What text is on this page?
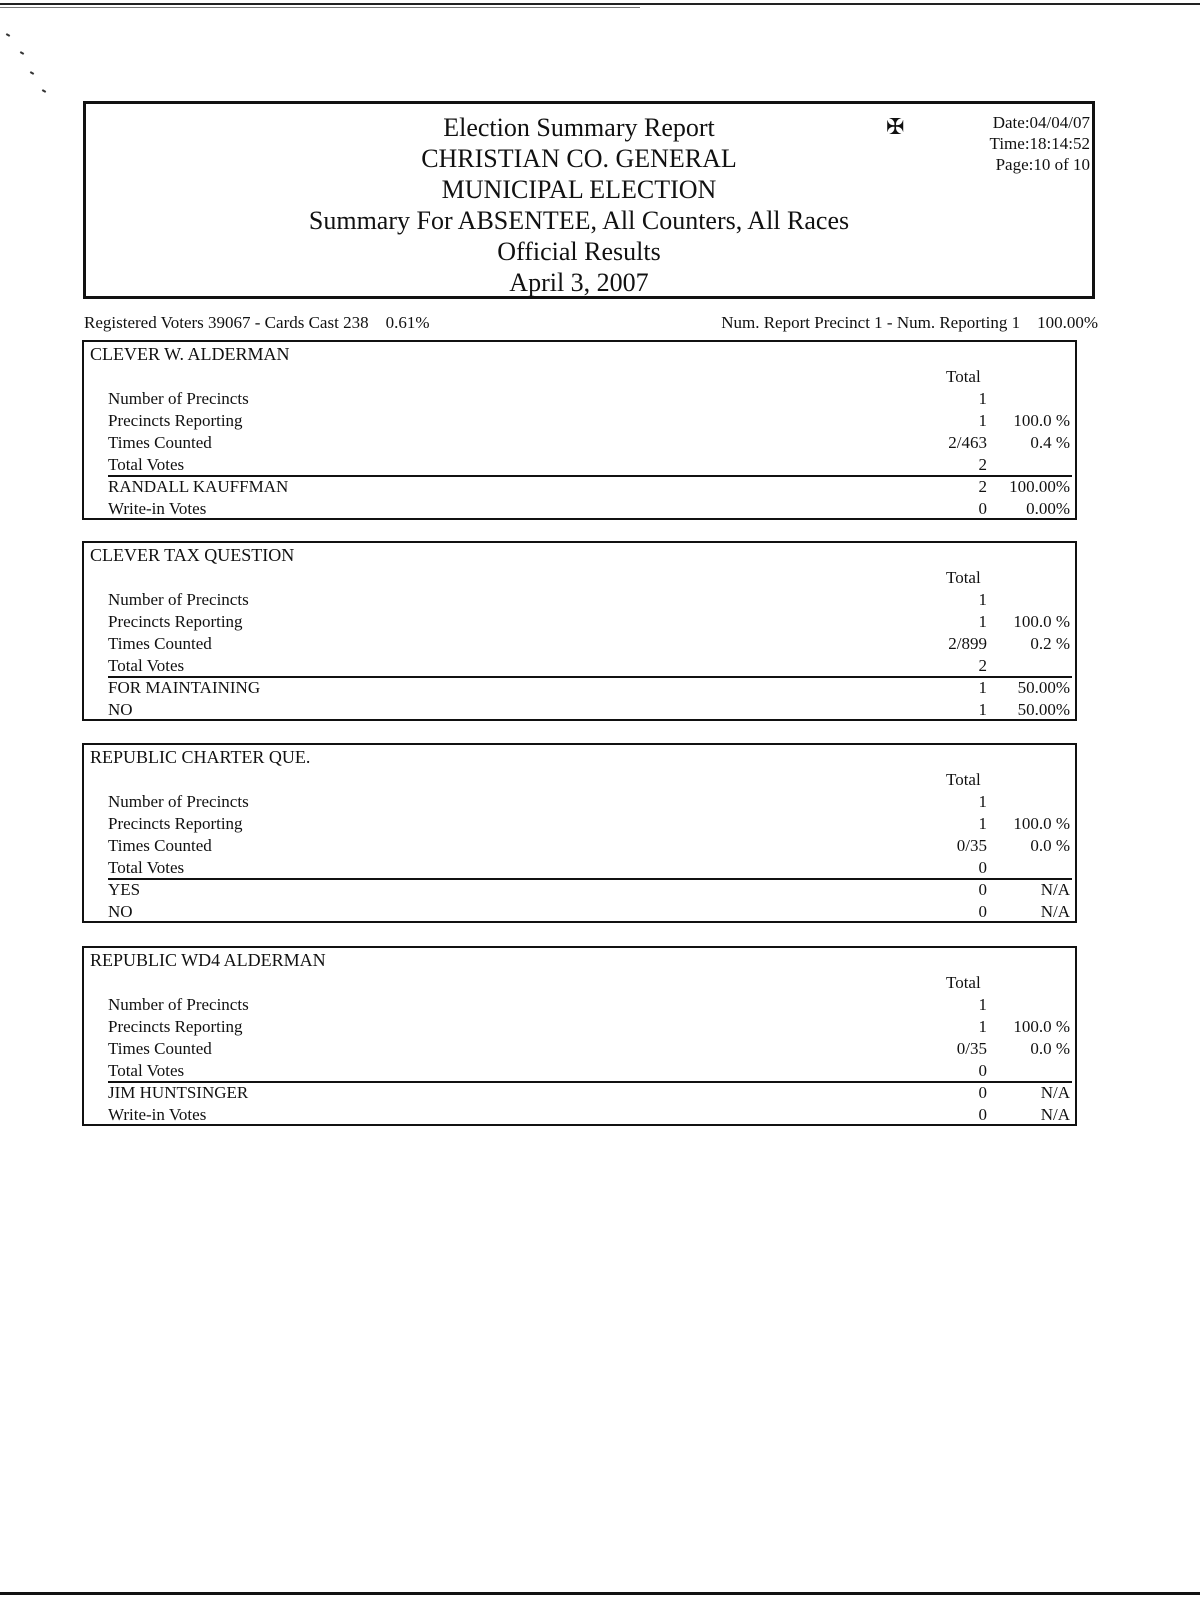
Election Summary Report
CHRISTIAN CO. GENERAL
MUNICIPAL ELECTION
Summary For ABSENTEE, All Counters, All Races
Official Results
April 3, 2007
✠	Date:04/04/07
Time:18:14:52
Page:10 of 10
Registered Voters 39067 - Cards Cast 238    0.61%	Num. Report Precinct 1 - Num. Reporting 1    100.00%
CLEVER W. ALDERMAN
Total
Number of Precincts	1
Precincts Reporting	1 100.0 %
Times Counted	2/463	0.4 %
Total Votes	2
RANDALL KAUFFMAN	2 100.00%
Write-in Votes	0 0.00%
CLEVER TAX QUESTION
Total
Number of Precincts	1
Precincts Reporting	1 100.0 %
Times Counted	2/899	0.2 %
Total Votes	2
FOR MAINTAINING	1 50.00%
NO	1 50.00%
REPUBLIC CHARTER QUE.
Total
Number of Precincts	1
Precincts Reporting	1 100.0 %
Times Counted	0/35	0.0 %
Total Votes	0
YES	0	N/A
NO	0	N/A
REPUBLIC WD4 ALDERMAN
Total
Number of Precincts	1
Precincts Reporting	1 100.0 %
Times Counted	0/35	0.0 %
Total Votes	0
JIM HUNTSINGER	0	N/A
Write-in Votes	0	N/A
